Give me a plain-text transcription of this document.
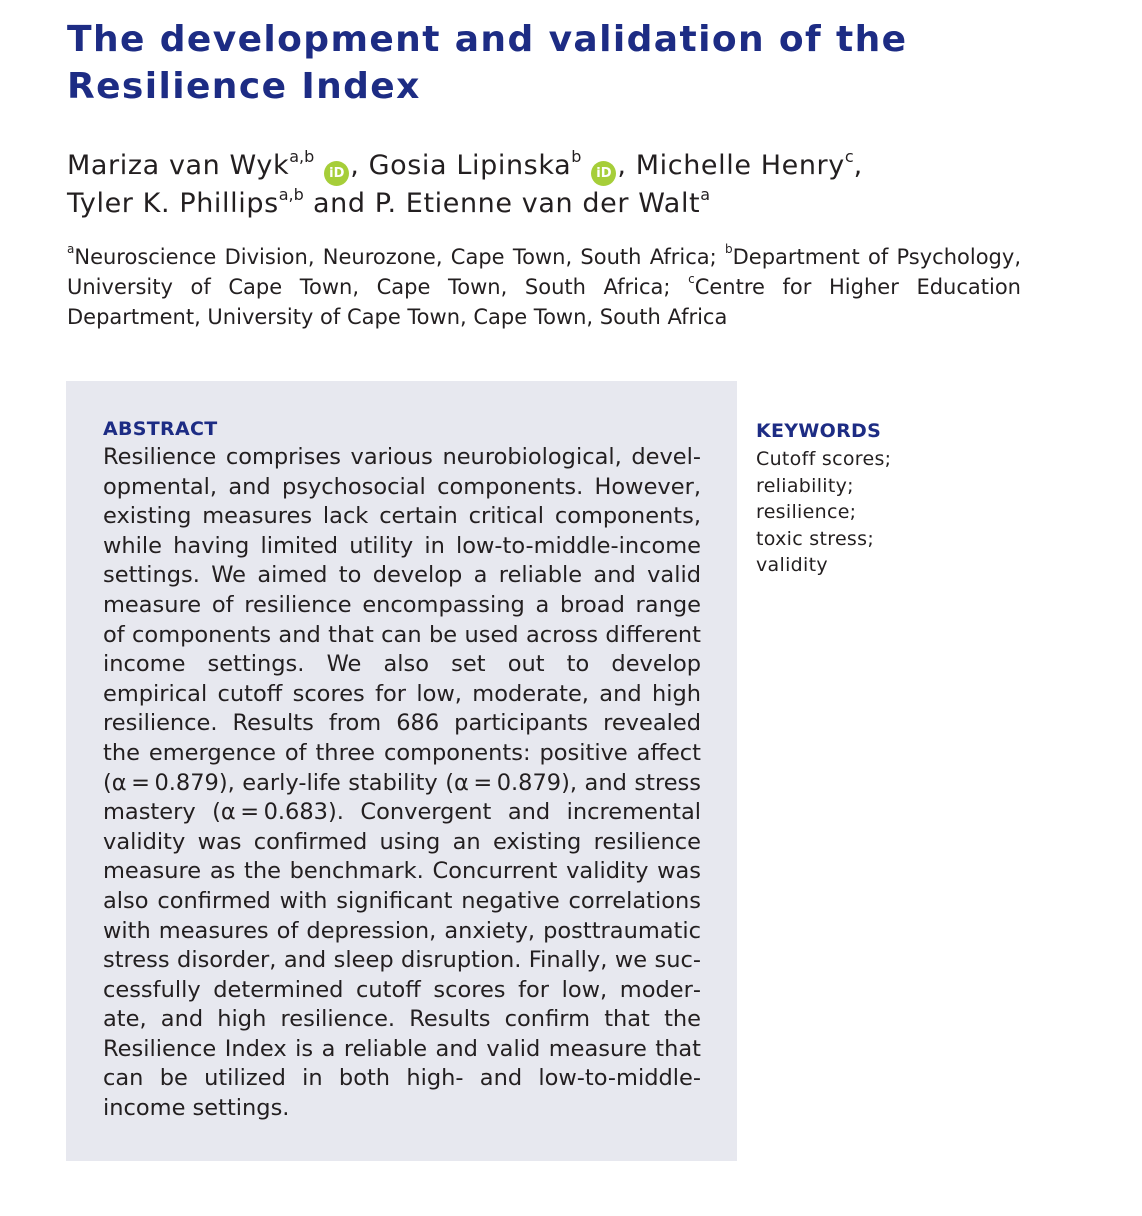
The development and validation of the Resilience Index
Mariza van Wyk$^{a,b}$iD , Gosia Lipinska$^b$iD , Michelle Henry$^c$,
Tyler K. Phillips$^{a,b}$ and P. Etienne van der Walt$^a$
$^a$Neuroscience Division, Neurozone, Cape Town, South Africa; $^b$Department of Psychology, University of Cape Town, Cape Town, South Africa; $^c$Centre for Higher Education Department, University of Cape Town, Cape Town, South Africa
ABSTRACT

Resilience comprises various neurobiological, developmental, and psychosocial components. However, existing measures lack certain critical components, while having limited utility in low-to-middle-income settings. We aimed to develop a reliable and valid measure of resilience encompassing a broad range of components and that can be used across different income settings. We also set out to develop empirical cutoff scores for low, moderate, and high resilience. Results from 686 participants revealed the emergence of three components: positive affect (α = 0.879), early-life stability (α = 0.879), and stress mastery (α = 0.683). Convergent and incremental validity was confirmed using an existing resilience measure as the benchmark. Concurrent validity was also confirmed with significant negative correlations with measures of depression, anxiety, posttraumatic stress disorder, and sleep disruption. Finally, we successfully determined cutoff scores for low, moderate, and high resilience. Results confirm that the Resilience Index is a reliable and valid measure that can be utilized in both high- and low-to-middle-income settings.

KEYWORDS
Cutoff scores;
reliability;
resilience;
toxic stress;
validity
